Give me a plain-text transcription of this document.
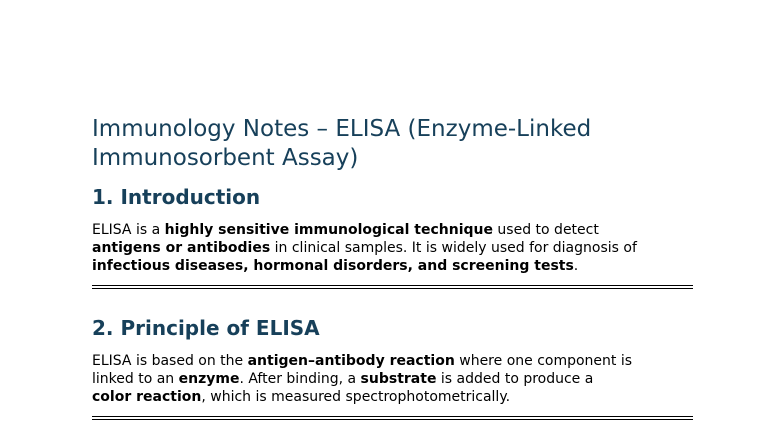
Immunology Notes – ELISA (Enzyme-Linked
Immunosorbent Assay)
1. Introduction

ELISA is a highly sensitive immunological technique used to detect
antigens or antibodies in clinical samples. It is widely used for diagnosis of
infectious diseases, hormonal disorders, and screening tests.

2. Principle of ELISA

ELISA is based on the antigen–antibody reaction where one component is
linked to an enzyme. After binding, a substrate is added to produce a
color reaction, which is measured spectrophotometrically.
